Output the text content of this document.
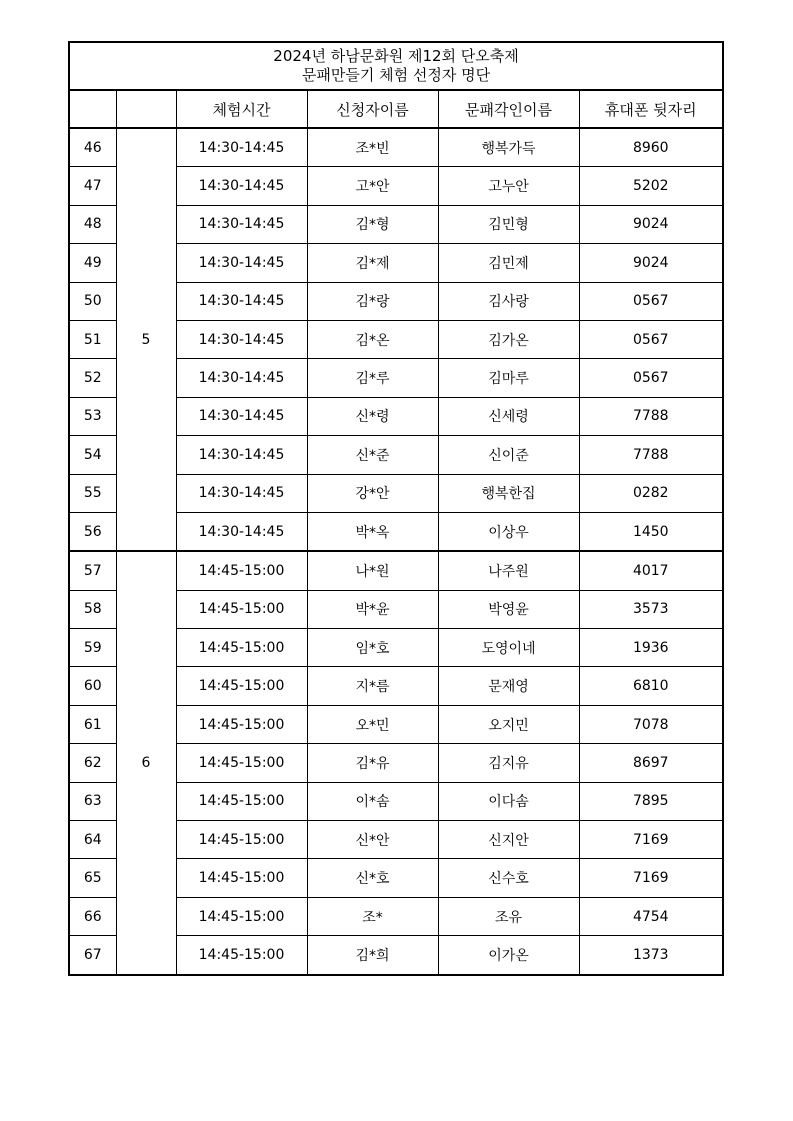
2024년 하남문화원 제12회 단오축제
문패만들기 체험 선정자 명단					

		체험시간	신청자이름	문패각인이름	휴대폰 뒷자리
46	5	14:30-14:45	조*빈	행복가득	8960
47		14:30-14:45	고*안	고누안	5202
48		14:30-14:45	김*형	김민형	9024
49		14:30-14:45	김*제	김민제	9024
50		14:30-14:45	김*랑	김사랑	0567
51		14:30-14:45	김*온	김가온	0567
52		14:30-14:45	김*루	김마루	0567
53		14:30-14:45	신*령	신세령	7788
54		14:30-14:45	신*준	신이준	7788
55		14:30-14:45	강*안	행복한집	0282
56		14:30-14:45	박*옥	이상우	1450
57	6	14:45-15:00	나*원	나주원	4017
58		14:45-15:00	박*윤	박영윤	3573
59		14:45-15:00	임*호	도영이네	1936
60		14:45-15:00	지*름	문재영	6810
61		14:45-15:00	오*민	오지민	7078
62		14:45-15:00	김*유	김지유	8697
63		14:45-15:00	이*솜	이다솜	7895
64		14:45-15:00	신*안	신지안	7169
65		14:45-15:00	신*호	신수호	7169
66		14:45-15:00	조*	조유	4754
67		14:45-15:00	김*희	이가온	1373
